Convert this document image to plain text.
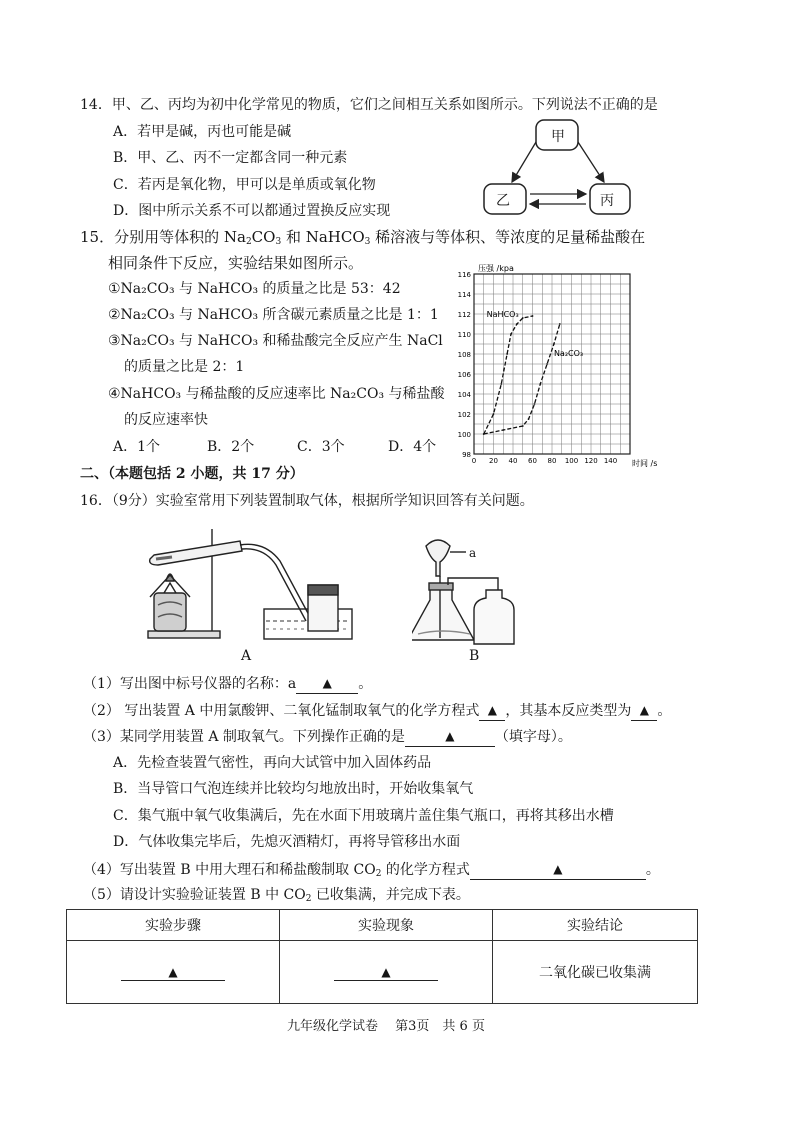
14．甲、乙、丙均为初中化学常见的物质，它们之间相互关系如图所示。下列说法不正确的是
A．若甲是碱，丙也可能是碱
B．甲、乙、丙不一定都含同一种元素
C．若丙是氧化物，甲可以是单质或氧化物
D．图中所示关系不可以都通过置换反应实现
甲
乙	丙
15．分别用等体积的 $Na_2CO_3$ 和 NaHCO$_3$ 稀溶液与等体积、等浓度的足量稀盐酸在
相同条件下反应，实验结果如图所示。
①Na₂CO₃ 与 NaHCO₃ 的质量之比是 53：42
②Na₂CO₃ 与 NaHCO₃ 所含碳元素质量之比是 1：1
③Na₂CO₃ 与 NaHCO₃ 和稀盐酸完全反应产生 NaCl
的质量之比是 2：1
④NaHCO₃ 与稀盐酸的反应速率比 Na₂CO₃ 与稀盐酸
的反应速率快
A．1个	B．2个	C．3个	D．4个	98
100
102
104
106
108
110
112
114
116
0 20 40 60 80 100 120 140
压强 /kpa
时间 /s
NaHCO₃
Na₂CO₃
二、（本题包括 2 小题，共 17 分）
16．（9分）实验室常用下列装置制取气体，根据所学知识回答有关问题。
A
a
B
（1）写出图中标号仪器的名称：a ▲ 。
（2） 写出装置 A 中用氯酸钾、二氧化锰制取氧气的化学方程式 ▲ ，其基本反应类型为 ▲ 。
（3）某同学用装置 A 制取氧气。下列操作正确的是	▲	（填字母）。
A．先检查装置气密性，再向大试管中加入固体药品
B．当导管口气泡连续并比较均匀地放出时，开始收集氧气
C．集气瓶中氧气收集满后，先在水面下用玻璃片盖住集气瓶口，再将其移出水槽
D．气体收集完毕后，先熄灭酒精灯，再将导管移出水面
（4）写出装置 B 中用大理石和稀盐酸制取 $CO_2$ 的化学方程式	▲	。
（5）请设计实验验证装置 B 中 $CO_2$ 已收集满，并完成下表。
实验步骤	实验现象	实验结论
▲	▲	二氧化碳已收集满
九年级化学试卷　 第3页　共 6 页
